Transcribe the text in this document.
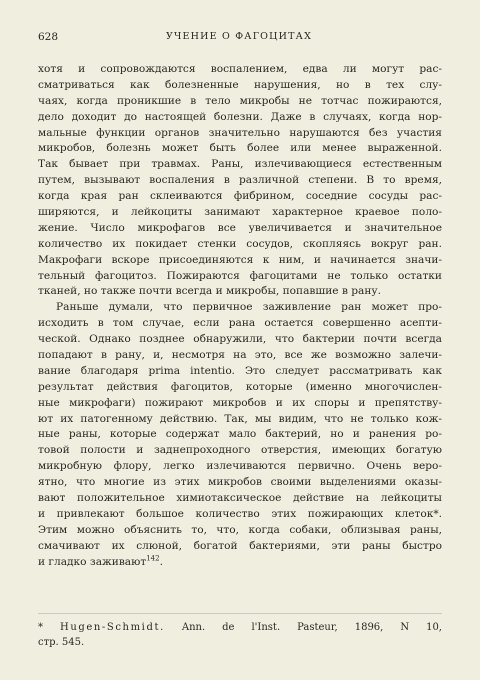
628	УЧЕНИЕ О ФАГОЦИТАХ
хотя и сопровождаются воспалением, едва ли могут рас-
сматриваться как болезненные нарушения, но в тех слу-
чаях, когда проникшие в тело микробы не тотчас пожираются,
дело доходит до настоящей болезни. Даже в случаях, когда нор-
мальные функции органов значительно нарушаются без участия
микробов, болезнь может быть более или менее выраженной.
Так бывает при травмах. Раны, излечивающиеся естественным
путем, вызывают воспаления в различной степени. В то время,
когда края ран склеиваются фибрином, соседние сосуды рас-
ширяются, и лейкоциты занимают характерное краевое поло-
жение. Число микрофагов все увеличивается и значительное
количество их покидает стенки сосудов, скопляясь вокруг ран.
Макрофаги вскоре присоединяются к ним, и начинается значи-
тельный фагоцитоз. Пожираются фагоцитами не только остатки
тканей, но также почти всегда и микробы, попавшие в рану.
Раньше думали, что первичное заживление ран может про-
исходить в том случае, если рана остается совершенно асепти-
ческой. Однако позднее обнаружили, что бактерии почти всегда
попадают в рану, и, несмотря на это, все же возможно залечи-
вание благодаря prima intentio. Это следует рассматривать как
результат действия фагоцитов, которые (именно многочислен-
ные микрофаги) пожирают микробов и их споры и препятству-
ют их патогенному действию. Так, мы видим, что не только кож-
ные раны, которые содержат мало бактерий, но и ранения ро-
товой полости и заднепроходного отверстия, имеющих богатую
микробную флору, легко излечиваются первично. Очень веро-
ятно, что многие из этих микробов своими выделениями оказы-
вают положительное химиотаксическое действие на лейкоциты
и привлекают большое количество этих пожирающих клеток*.
Этим можно объяснить то, что, когда собаки, облизывая раны,
смачивают их слюной, богатой бактериями, эти раны быстро
и гладко заживают$^{142}$.
* Hugen-Schmidt. Ann. de l'Inst. Pasteur, 1896, N 10,
стр. 545.
